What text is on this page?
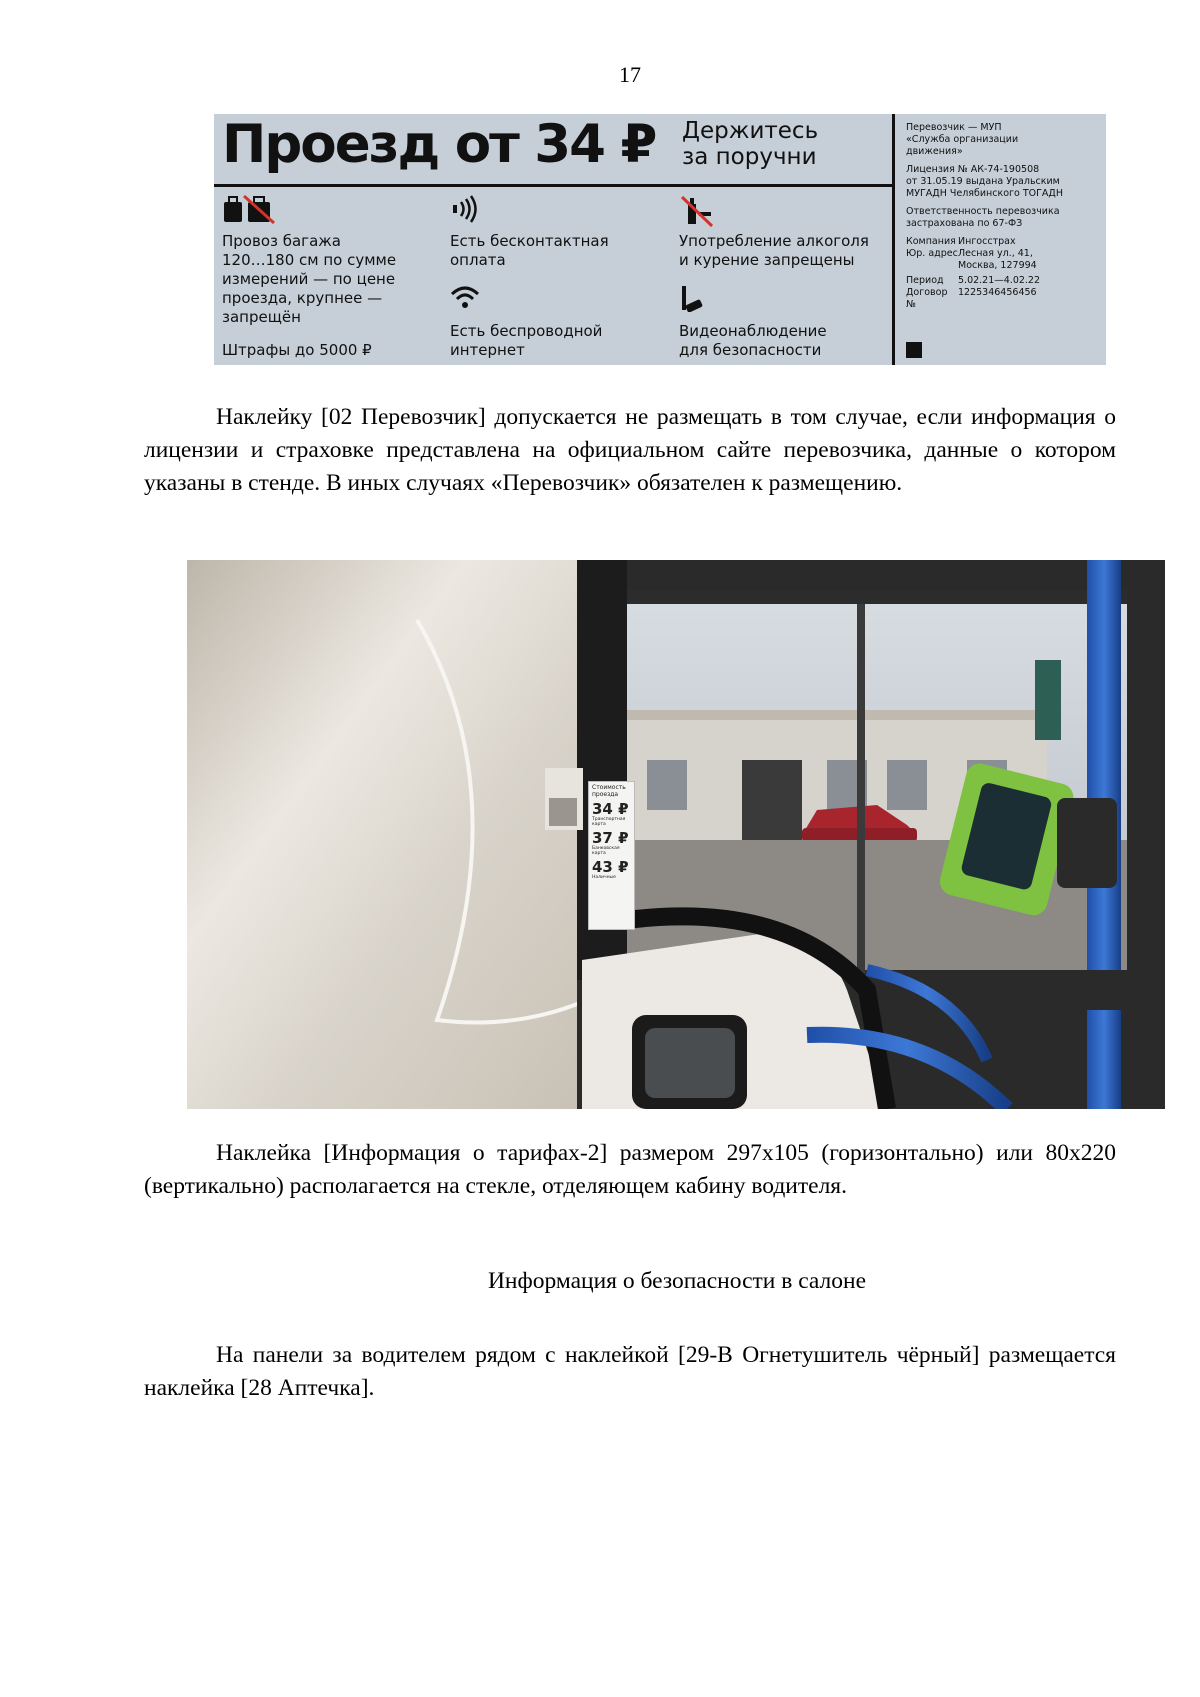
17
Проезд от 34 ₽ Держитесь
за поручни
Провоз багажа
120…180 см по сумме
измерений — по цене
проезда, крупнее —
запрещён
Штрафы до 5000 ₽
Есть бесконтактная
оплата
Есть беспроводной
интернет
Употребление алкоголя
и курение запрещены
Видеонаблюдение
для безопасности

Перевозчик — МУП
«Служба организации
движения»

Лицензия № АК-74-190508
от 31.05.19 выдана Уральским
МУГАДН Челябинского ТОГАДН

Ответственность перевозчика
застрахована по 67-ФЗ

Компания Ингосстрах
Юр. адрес Лесная ул., 41,
Москва, 127994
Период	5.02.21—4.02.22
Договор №
1225346456456

Наклейку [02 Перевозчик] допускается не размещать в том случае, если информация о лицензии и страховке представлена на официальном сайте перевозчика, данные о котором указаны в стенде. В иных случаях «Перевозчик» обязателен к размещению.

Стоимость
проезда
34 ₽
Транспортная
карта
37 ₽
Банковская
карта
43 ₽
Наличные

Наклейка [Информация о тарифах-2] размером 297х105 (горизонтально) или 80х220 (вертикально) располагается на стекле, отделяющем кабину водителя.

Информация о безопасности в салоне

На панели за водителем рядом с наклейкой [29-В Огнетушитель чёрный] размещается наклейка [28 Аптечка].
